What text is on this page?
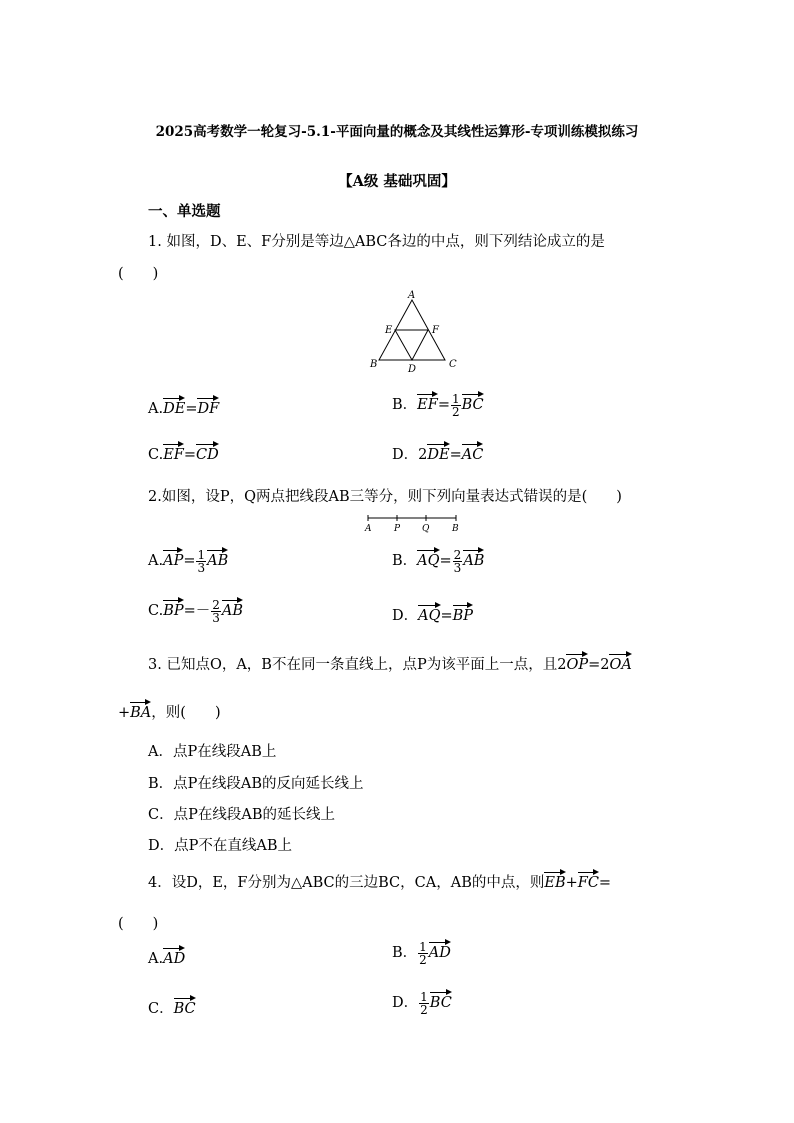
2025高考数学一轮复习-5.1-平面向量的概念及其线性运算形-专项训练模拟练习
【A级 基础巩固】
一、单选题
1. 如图，D、E、F分别是等边△ABC各边的中点，则下列结论成立的是
(　　)
A
B	C
D
E	F
A.DE=DF	B．$EF= \frac{1}{2}$ BC
C.EF=CD	D．2DE=AC
2.如图，设P，Q两点把线段AB三等分，则下列向量表达式错误的是(　　)
A	P Q	B
$A.AP= \frac{1}{3}$ AB	B．$AQ= \frac{2}{3}$ AB
$C.BP=- \frac{2}{3}$ AB	D．AQ=BP
3. 已知点O，A，B不在同一条直线上，点P为该平面上一点，且2OP=2OA
+BA，则(　　)
A．点P在线段AB上
B．点P在线段AB的反向延长线上
C．点P在线段AB的延长线上
D．点P不在直线AB上
4．设D，E，F分别为△ABC的三边BC，CA，AB的中点，则EB+FC=
(　　)
A.AD	B． $\frac{1}{2}$ AD
C．BC	D． $\frac{1}{2}$ BC
